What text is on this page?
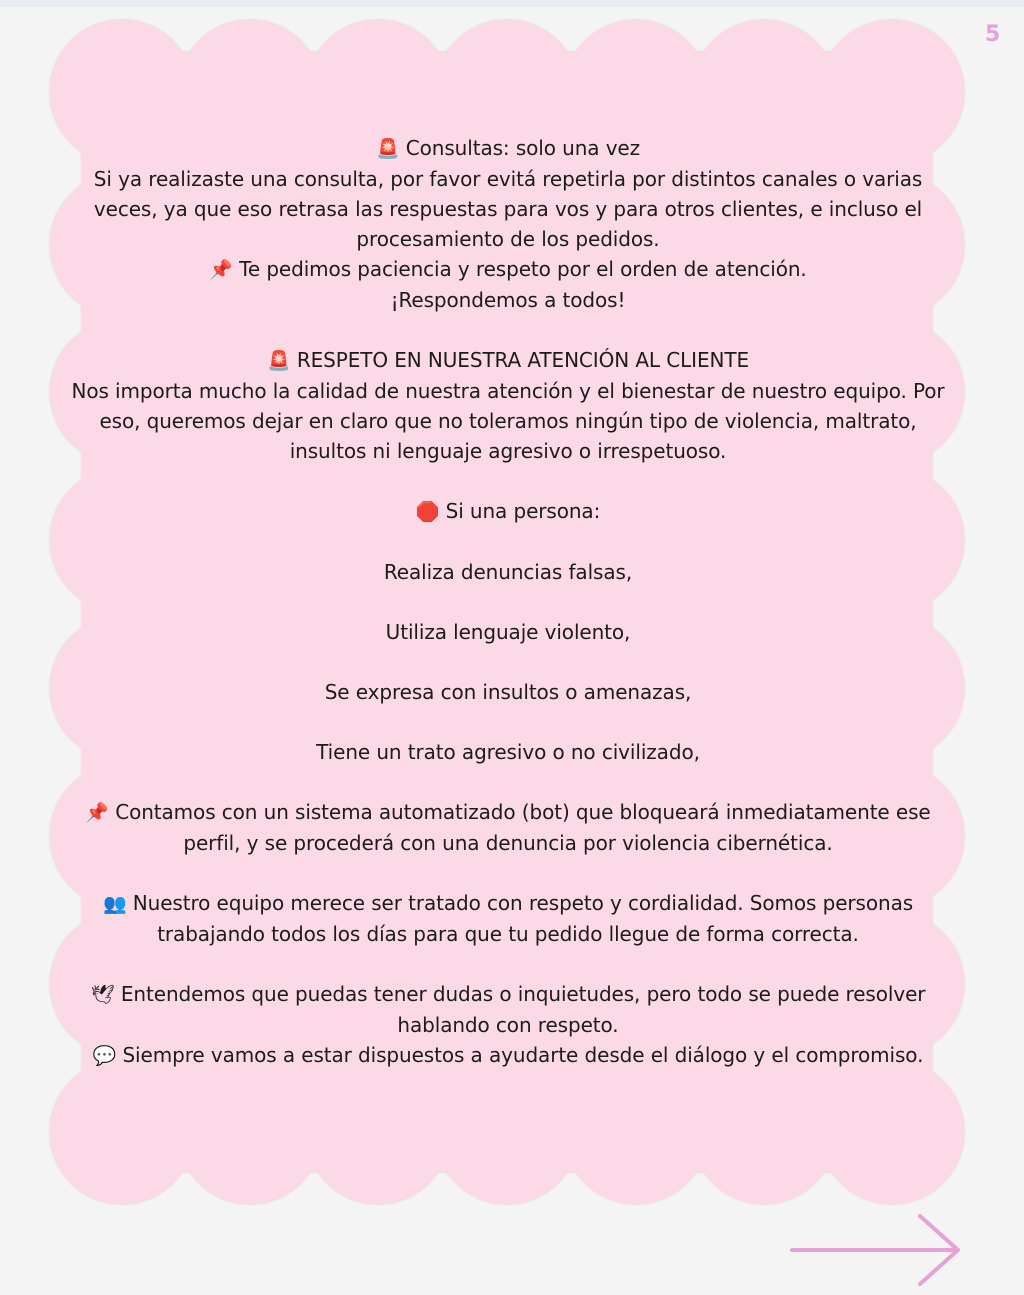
5

🚨 Consultas: solo una vez

Si ya realizaste una consulta, por favor evitá repetirla por distintos canales o varias veces, ya que eso retrasa las respuestas para vos y para otros clientes, e incluso el procesamiento de los pedidos.

📌 Te pedimos paciencia y respeto por el orden de atención.

¡Respondemos a todos!

🚨 RESPETO EN NUESTRA ATENCIÓN AL CLIENTE

Nos importa mucho la calidad de nuestra atención y el bienestar de nuestro equipo. Por eso, queremos dejar en claro que no toleramos ningún tipo de violencia, maltrato, insultos ni lenguaje agresivo o irrespetuoso.

🛑 Si una persona:

Realiza denuncias falsas,

Utiliza lenguaje violento,

Se expresa con insultos o amenazas,

Tiene un trato agresivo o no civilizado,

📌 Contamos con un sistema automatizado (bot) que bloqueará inmediatamente ese perfil, y se procederá con una denuncia por violencia cibernética.

👥 Nuestro equipo merece ser tratado con respeto y cordialidad. Somos personas trabajando todos los días para que tu pedido llegue de forma correcta.

🕊 Entendemos que puedas tener dudas o inquietudes, pero todo se puede resolver hablando con respeto.

💬 Siempre vamos a estar dispuestos a ayudarte desde el diálogo y el compromiso.
